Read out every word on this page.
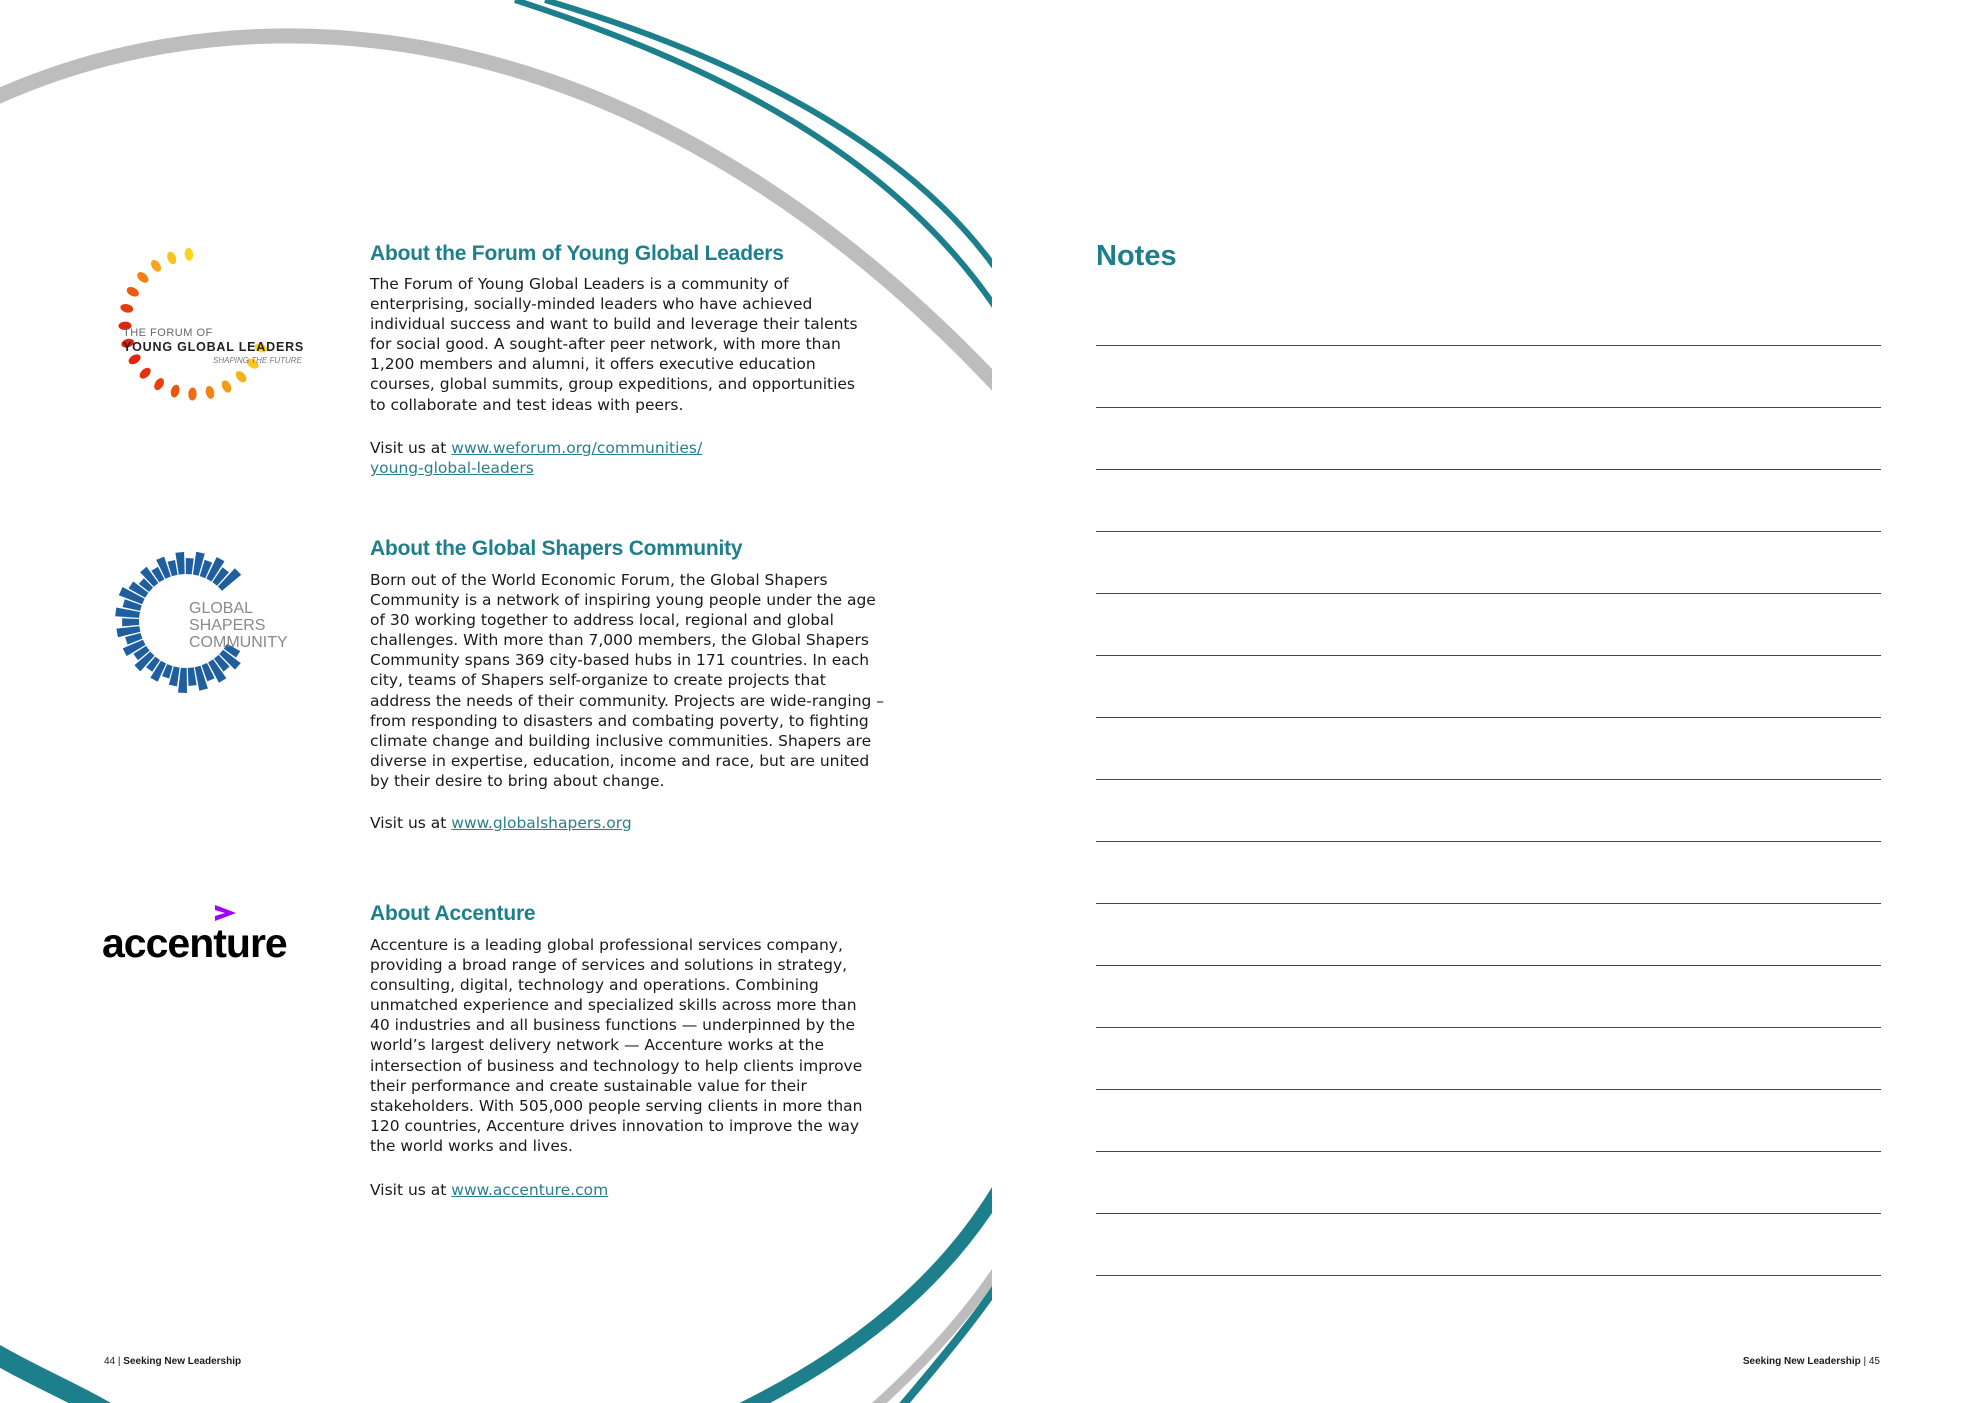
THE FORUM OF
YOUNG GLOBAL LEADERS
SHAPING THE FUTURE
About the Forum of Young Global Leaders

The Forum of Young Global Leaders is a community of enterprising, socially-minded leaders who have achieved individual success and want to build and leverage their talents for social good. A sought-after peer network, with more than 1,200 members and alumni, it offers executive education courses, global summits, group expeditions, and opportunities to collaborate and test ideas with peers.

Visit us at www.weforum.org/communities/ young-global-leaders

GLOBAL
SHAPERS
COMMUNITY
About the Global Shapers Community

Born out of the World Economic Forum, the Global Shapers Community is a network of inspiring young people under the age of 30 working together to address local, regional and global challenges. With more than 7,000 members, the Global Shapers Community spans 369 city-based hubs in 171 countries. In each city, teams of Shapers self-organize to create projects that address the needs of their community. Projects are wide-ranging – from responding to disasters and combating poverty, to fighting climate change and building inclusive communities. Shapers are diverse in expertise, education, income and race, but are united by their desire to bring about change.

Visit us at www.globalshapers.org

accenture
About Accenture

Accenture is a leading global professional services company, providing a broad range of services and solutions in strategy, consulting, digital, technology and operations. Combining unmatched experience and specialized skills across more than 40 industries and all business functions — underpinned by the world’s largest delivery network — Accenture works at the intersection of business and technology to help clients improve their performance and create sustainable value for their stakeholders. With 505,000 people serving clients in more than 120 countries, Accenture drives innovation to improve the way the world works and lives.

Visit us at www.accenture.com

44 | Seeking New Leadership
Notes
Seeking New Leadership | 45
